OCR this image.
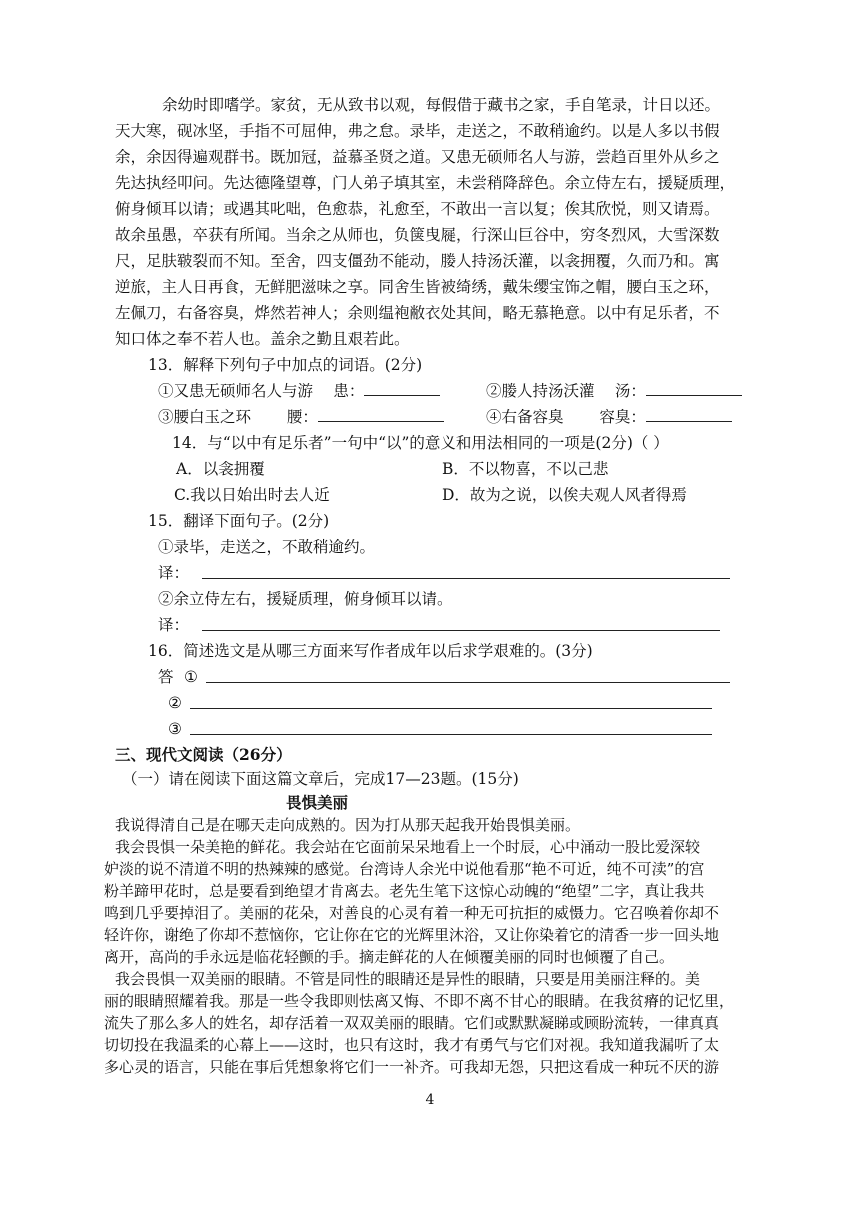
余幼时即嗜学。家贫，无从致书以观，每假借于藏书之家，手自笔录，计日以还。
天大寒，砚冰坚，手指不可屈伸，弗之怠。录毕，走送之，不敢稍逾约。以是人多以书假
余，余因得遍观群书。既加冠，益慕圣贤之道。又患无硕师名人与游，尝趋百里外从乡之
先达执经叩问。先达德隆望尊，门人弟子填其室，未尝稍降辞色。余立侍左右，援疑质理，
俯身倾耳以请；或遇其叱咄，色愈恭，礼愈至，不敢出一言以复；俟其欣悦，则又请焉。
故余虽愚，卒获有所闻。当余之从师也，负箧曳屣，行深山巨谷中，穷冬烈风，大雪深数
尺，足肤皲裂而不知。至舍，四支僵劲不能动，媵人持汤沃灌，以衾拥覆，久而乃和。寓
逆旅，主人日再食，无鲜肥滋味之享。同舍生皆被绮绣，戴朱缨宝饰之帽，腰白玉之环，
左佩刀，右备容臭，烨然若神人；余则缊袍敝衣处其间，略无慕艳意。以中有足乐者，不
知口体之奉不若人也。盖余之勤且艰若此。
13．解释下列句子中加点的词语。(2分)
①又患无硕师名人与游　 患：	②媵人持汤沃灌　 汤：
③腰白玉之环　　 腰：	④右备容臭　　 容臭：
14．与“以中有足乐者”一句中“以”的意义和用法相同的一项是(2分)（ ）
A．以衾拥覆	B．不以物喜，不以己悲
C.我以日始出时去人近	D．故为之说，以俟夫观人风者得焉
15．翻译下面句子。(2分)
①录毕，走送之，不敢稍逾约。
译：
②余立侍左右，援疑质理，俯身倾耳以请。
译：
16．简述选文是从哪三方面来写作者成年以后求学艰难的。(3分)
答 ①
②
③
三、现代文阅读（26分）
（一）请在阅读下面这篇文章后，完成17—23题。(15分)
畏惧美丽
我说得清自己是在哪天走向成熟的。因为打从那天起我开始畏惧美丽。
我会畏惧一朵美艳的鲜花。我会站在它面前呆呆地看上一个时辰，心中涌动一股比爱深较
妒淡的说不清道不明的热辣辣的感觉。台湾诗人余光中说他看那“艳不可近，纯不可渎”的宫
粉羊蹄甲花时，总是要看到绝望才肯离去。老先生笔下这惊心动魄的“绝望”二字，真让我共
鸣到几乎要掉泪了。美丽的花朵，对善良的心灵有着一种无可抗拒的威慑力。它召唤着你却不
轻许你，谢绝了你却不惹恼你，它让你在它的光辉里沐浴，又让你染着它的清香一步一回头地
离开，高尚的手永远是临花轻颤的手。摘走鲜花的人在倾覆美丽的同时也倾覆了自己。
我会畏惧一双美丽的眼睛。不管是同性的眼睛还是异性的眼睛，只要是用美丽注释的。美
丽的眼睛照耀着我。那是一些令我即则怯离又悔、不即不离不甘心的眼睛。在我贫瘠的记忆里，
流失了那么多人的姓名，却存活着一双双美丽的眼睛。它们或默默凝睇或顾盼流转，一律真真
切切投在我温柔的心幕上——这时，也只有这时，我才有勇气与它们对视。我知道我漏听了太
多心灵的语言，只能在事后凭想象将它们一一补齐。可我却无怨，只把这看成一种玩不厌的游
4
